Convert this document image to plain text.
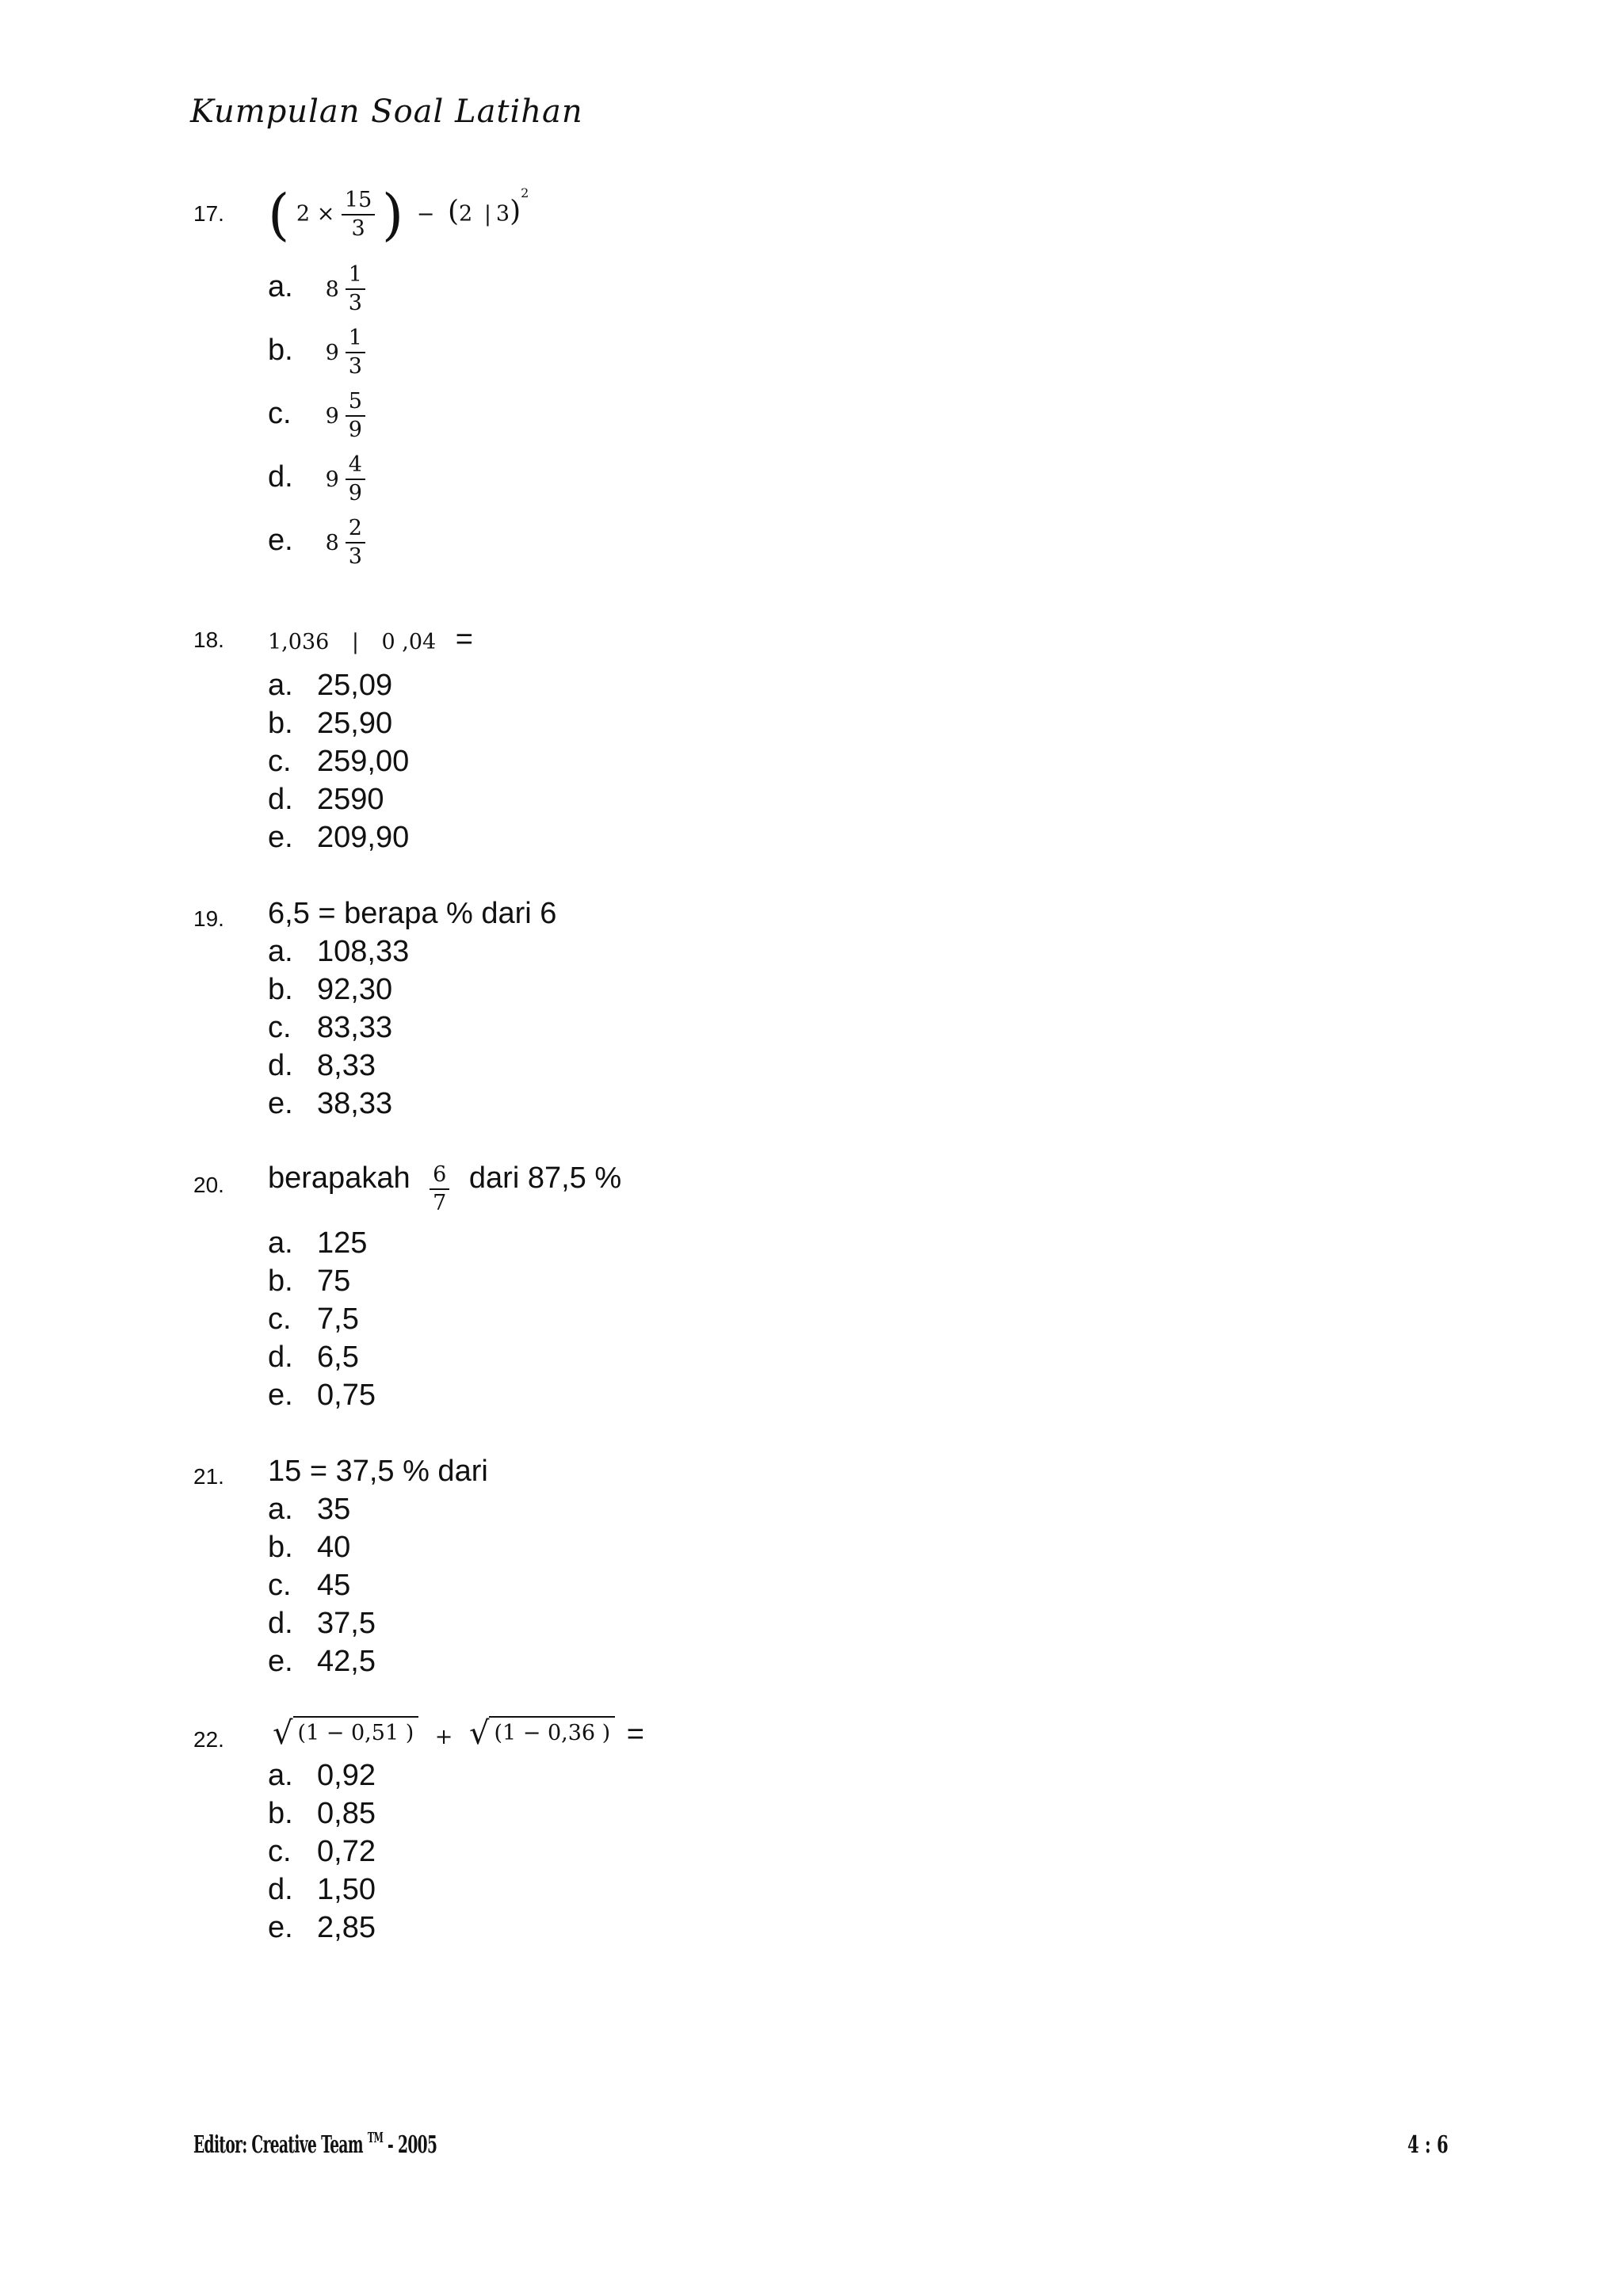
Kumpulan Soal Latihan
17. ( $2 \times \frac{15}{3}$ ) − (2 | 3)$^2$
a. $8 \frac{1}{3}$
b. $9 \frac{1}{3}$
c. $9 \frac{5}{9}$
d. $9 \frac{4}{9}$
e. $8 \frac{2}{3}$
18. 1,036 | 0 ,04 =
a. 25,09
b. 25,90
c. 259,00
d. 2590
e. 209,90
19. 6,5 = berapa % dari 6
a. 108,33
b. 92,30
c. 83,33
d. 8,33
e. 38,33
20. berapakah $\frac{6}{7}$ dari 87,5 %
a. 125
b. 75
c. 7,5
d. 6,5
e. 0,75
21. 15 = 37,5 % dari
a. 35
b. 40
c. 45
d. 37,5
e. 42,5
22. √ (1 − 0,51 ) + √ (1 − 0,36 ) =
a. 0,92
b. 0,85
c. 0,72
d. 1,50
e. 2,85
Editor: Creative Team ™ - 2005	4 : 6
